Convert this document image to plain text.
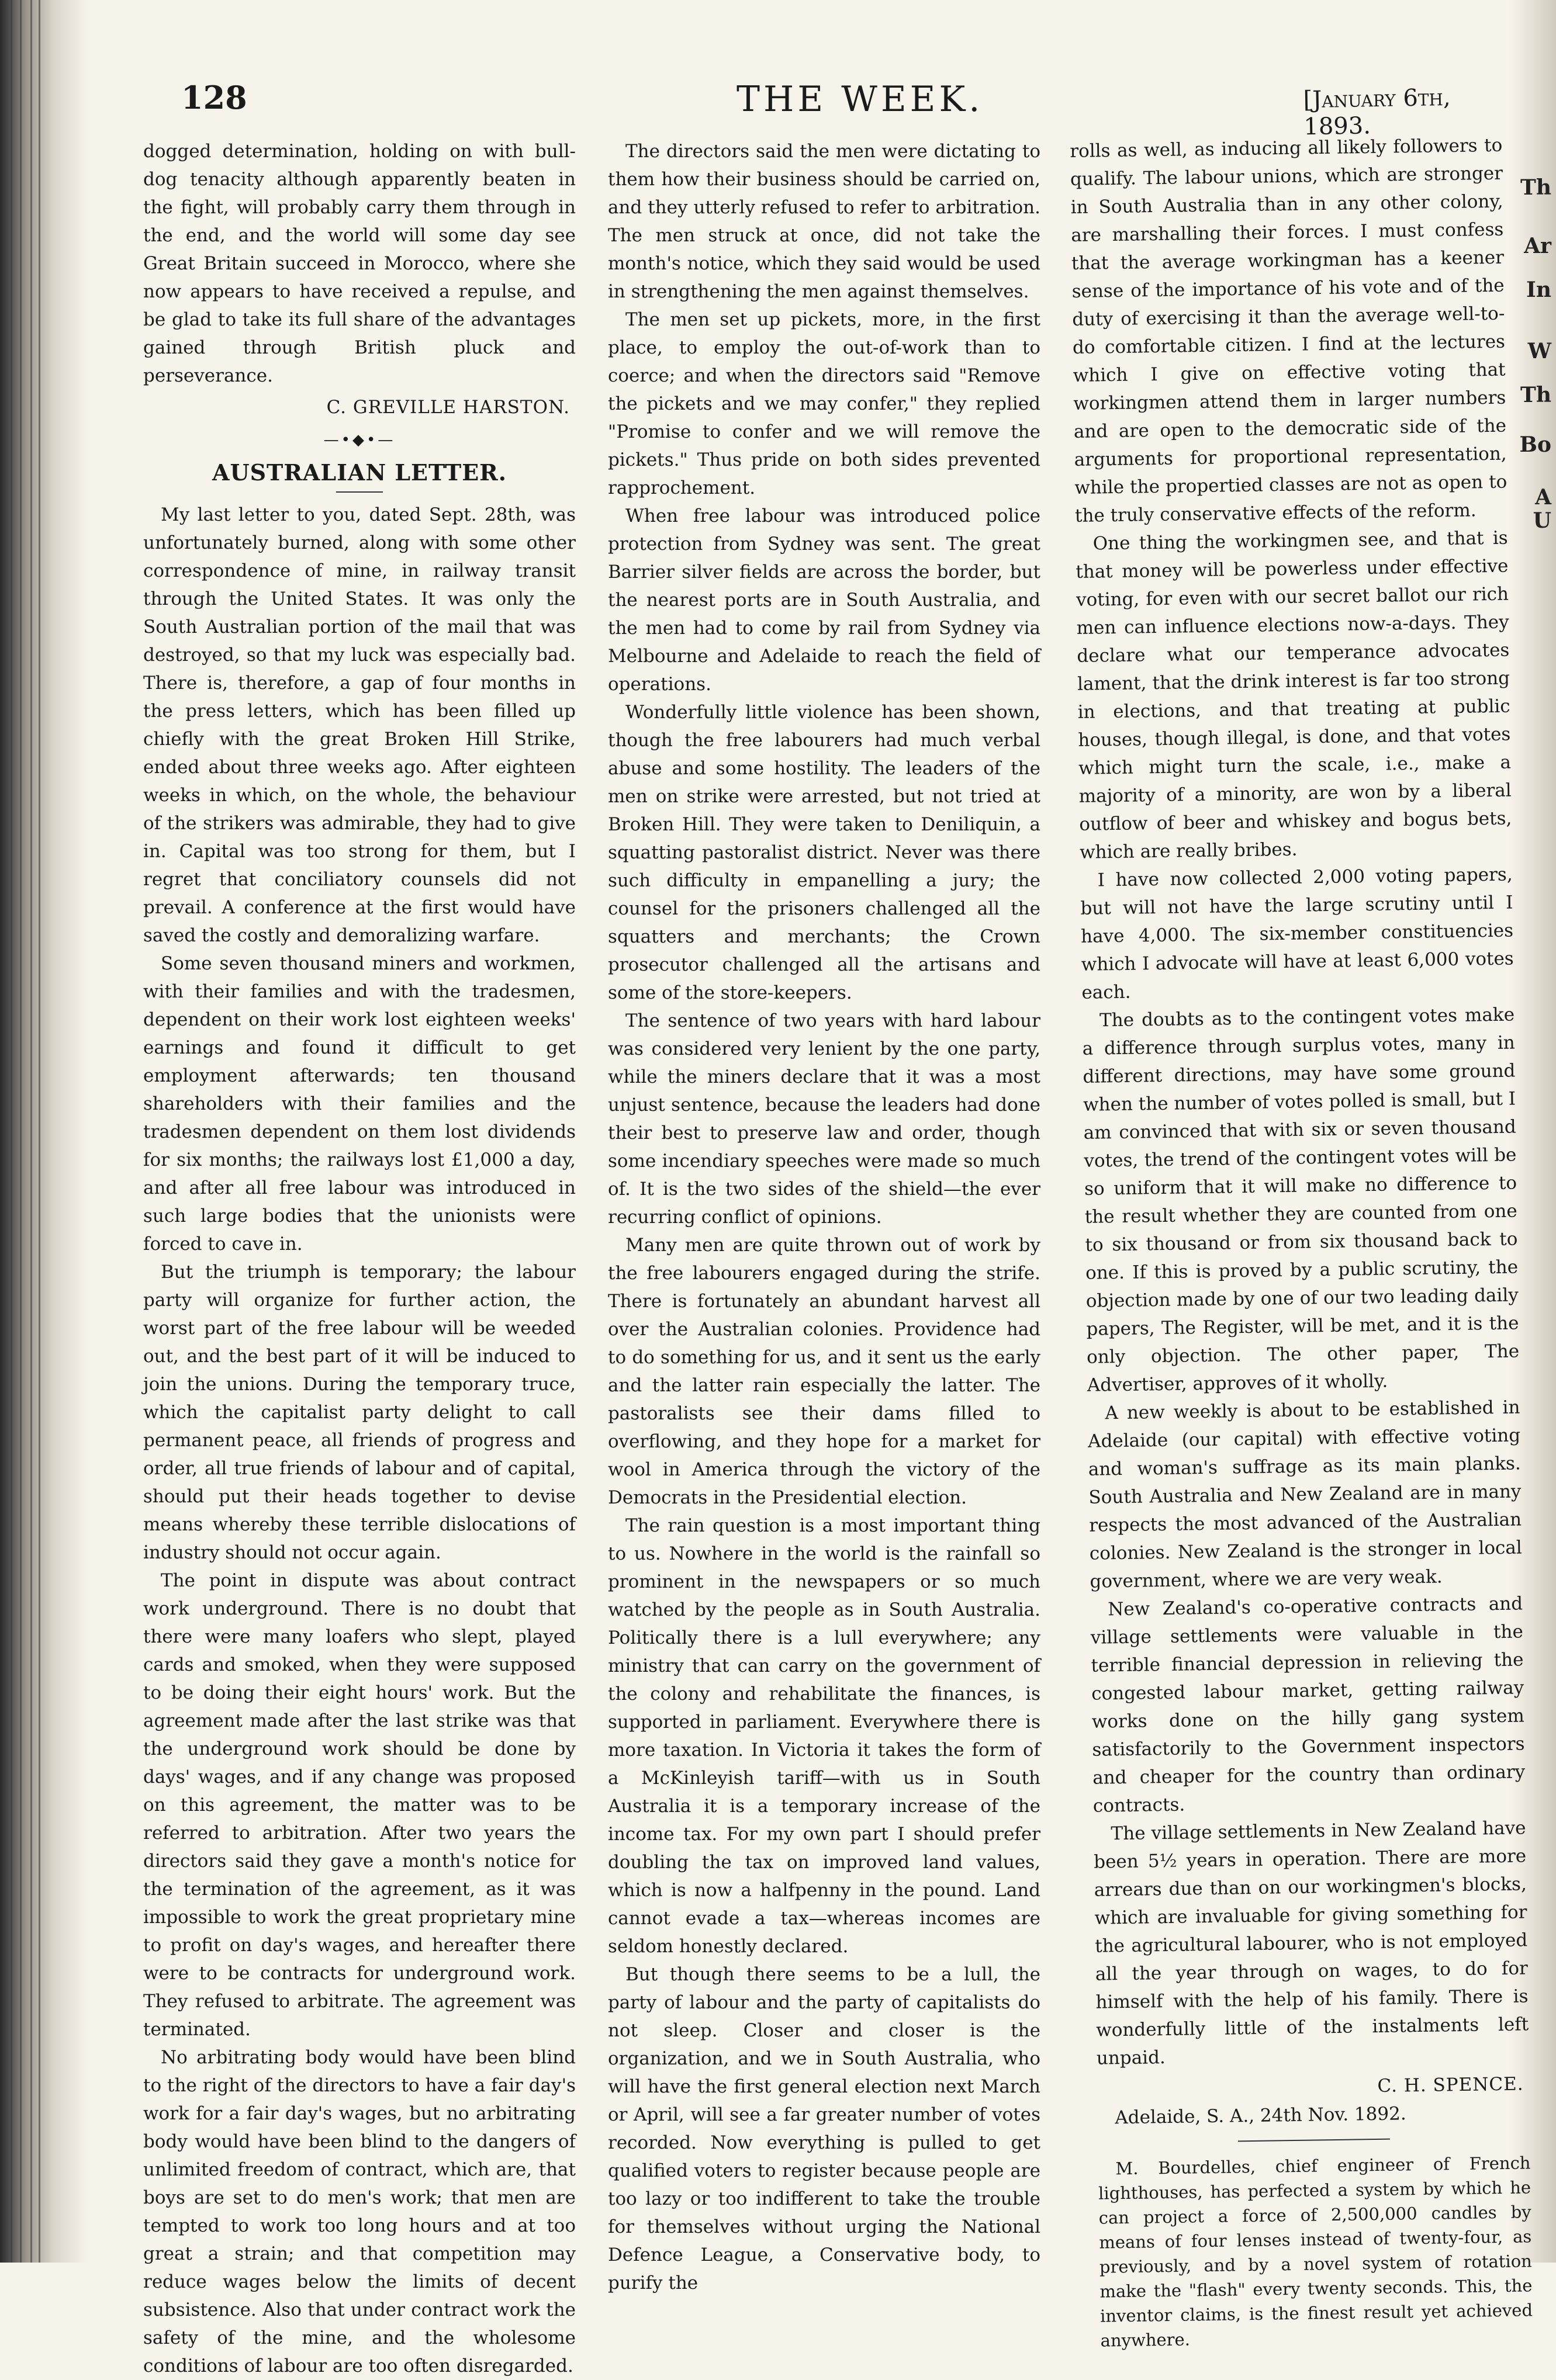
Th
Ar
In
W
Th
Bo
A
U
128	THE WEEK.	[January 6th, 1893.

dogged determination, holding on with bull-dog tenacity although apparently beaten in the fight, will probably carry them through in the end, and the world will some day see Great Britain succeed in Morocco, where she now appears to have received a repulse, and be glad to take its full share of the advantages gained through British pluck and perseverance.

C. GREVILLE HARSTON.
—•◆•—
AUSTRALIAN LETTER.

My last letter to you, dated Sept. 28th, was unfortunately burned, along with some other correspondence of mine, in railway transit through the United States. It was only the South Australian portion of the mail that was destroyed, so that my luck was especially bad. There is, therefore, a gap of four months in the press letters, which has been filled up chiefly with the great Broken Hill Strike, ended about three weeks ago. After eighteen weeks in which, on the whole, the behaviour of the strikers was admirable, they had to give in. Capital was too strong for them, but I regret that conciliatory counsels did not prevail. A conference at the first would have saved the costly and demoralizing warfare.

Some seven thousand miners and workmen, with their families and with the tradesmen, dependent on their work lost eighteen weeks' earnings and found it difficult to get employment afterwards; ten thousand shareholders with their families and the tradesmen dependent on them lost dividends for six months; the railways lost £1,000 a day, and after all free labour was introduced in such large bodies that the unionists were forced to cave in.

But the triumph is temporary; the labour party will organize for further action, the worst part of the free labour will be weeded out, and the best part of it will be induced to join the unions. During the temporary truce, which the capitalist party delight to call permanent peace, all friends of progress and order, all true friends of labour and of capital, should put their heads together to devise means whereby these terrible dislocations of industry should not occur again.

The point in dispute was about contract work underground. There is no doubt that there were many loafers who slept, played cards and smoked, when they were supposed to be doing their eight hours' work. But the agreement made after the last strike was that the underground work should be done by days' wages, and if any change was proposed on this agreement, the matter was to be referred to arbitration. After two years the directors said they gave a month's notice for the termination of the agreement, as it was impossible to work the great proprietary mine to profit on day's wages, and hereafter there were to be contracts for underground work. They refused to arbitrate. The agreement was terminated.

No arbitrating body would have been blind to the right of the directors to have a fair day's work for a fair day's wages, but no arbitrating body would have been blind to the dangers of unlimited freedom of contract, which are, that boys are set to do men's work; that men are tempted to work too long hours and at too great a strain; and that competition may reduce wages below the limits of decent subsistence. Also that under contract work the safety of the mine, and the wholesome conditions of labour are too often disregarded.

The directors said the men were dictating to them how their business should be carried on, and they utterly refused to refer to arbitration. The men struck at once, did not take the month's notice, which they said would be used in strengthening the men against themselves.

The men set up pickets, more, in the first place, to employ the out-of-work than to coerce; and when the directors said "Remove the pickets and we may confer," they replied "Promise to confer and we will remove the pickets." Thus pride on both sides prevented rapprochement.

When free labour was introduced police protection from Sydney was sent. The great Barrier silver fields are across the border, but the nearest ports are in South Australia, and the men had to come by rail from Sydney via Melbourne and Adelaide to reach the field of operations.

Wonderfully little violence has been shown, though the free labourers had much verbal abuse and some hostility. The leaders of the men on strike were arrested, but not tried at Broken Hill. They were taken to Deniliquin, a squatting pastoralist district. Never was there such difficulty in empanelling a jury; the counsel for the prisoners challenged all the squatters and merchants; the Crown prosecutor challenged all the artisans and some of the store-keepers.

The sentence of two years with hard labour was considered very lenient by the one party, while the miners declare that it was a most unjust sentence, because the leaders had done their best to preserve law and order, though some incendiary speeches were made so much of. It is the two sides of the shield—the ever recurring conflict of opinions.

Many men are quite thrown out of work by the free labourers engaged during the strife. There is fortunately an abundant harvest all over the Australian colonies. Providence had to do something for us, and it sent us the early and the latter rain especially the latter. The pastoralists see their dams filled to overflowing, and they hope for a market for wool in America through the victory of the Democrats in the Presidential election.

The rain question is a most important thing to us. Nowhere in the world is the rainfall so prominent in the newspapers or so much watched by the people as in South Australia. Politically there is a lull everywhere; any ministry that can carry on the government of the colony and rehabilitate the finances, is supported in parliament. Everywhere there is more taxation. In Victoria it takes the form of a McKinleyish tariff—with us in South Australia it is a temporary increase of the income tax. For my own part I should prefer doubling the tax on improved land values, which is now a halfpenny in the pound. Land cannot evade a tax—whereas incomes are seldom honestly declared.

But though there seems to be a lull, the party of labour and the party of capitalists do not sleep. Closer and closer is the organization, and we in South Australia, who will have the first general election next March or April, will see a far greater number of votes recorded. Now everything is pulled to get qualified voters to register because people are too lazy or too indifferent to take the trouble for themselves without urging the National Defence League, a Conservative body, to purify the

rolls as well, as inducing all likely followers to qualify. The labour unions, which are stronger in South Australia than in any other colony, are marshalling their forces. I must confess that the average workingman has a keener sense of the importance of his vote and of the duty of exercising it than the average well-to-do comfortable citizen. I find at the lectures which I give on effective voting that workingmen attend them in larger numbers and are open to the democratic side of the arguments for proportional representation, while the propertied classes are not as open to the truly conservative effects of the reform.

One thing the workingmen see, and that is that money will be powerless under effective voting, for even with our secret ballot our rich men can influence elections now-a-days. They declare what our temperance advocates lament, that the drink interest is far too strong in elections, and that treating at public houses, though illegal, is done, and that votes which might turn the scale, i.e., make a majority of a minority, are won by a liberal outflow of beer and whiskey and bogus bets, which are really bribes.

I have now collected 2,000 voting papers, but will not have the large scrutiny until I have 4,000. The six-member constituencies which I advocate will have at least 6,000 votes each.

The doubts as to the contingent votes make a difference through surplus votes, many in different directions, may have some ground when the number of votes polled is small, but I am convinced that with six or seven thousand votes, the trend of the contingent votes will be so uniform that it will make no difference to the result whether they are counted from one to six thousand or from six thousand back to one. If this is proved by a public scrutiny, the objection made by one of our two leading daily papers, The Register, will be met, and it is the only objection. The other paper, The Advertiser, approves of it wholly.

A new weekly is about to be established in Adelaide (our capital) with effective voting and woman's suffrage as its main planks. South Australia and New Zealand are in many respects the most advanced of the Australian colonies. New Zealand is the stronger in local government, where we are very weak.

New Zealand's co-operative contracts and village settlements were valuable in the terrible financial depression in relieving the congested labour market, getting railway works done on the hilly gang system satisfactorily to the Government inspectors and cheaper for the country than ordinary contracts.

The village settlements in New Zealand have been 5½ years in operation. There are more arrears due than on our workingmen's blocks, which are invaluable for giving something for the agricultural labourer, who is not employed all the year through on wages, to do for himself with the help of his family. There is wonderfully little of the instalments left unpaid.

C. H. SPENCE.

Adelaide, S. A., 24th Nov. 1892.

M. Bourdelles, chief engineer of French lighthouses, has perfected a system by which he can project a force of 2,500,000 candles by means of four lenses instead of twenty-four, as previously, and by a novel system of rotation make the "flash" every twenty seconds. This, the inventor claims, is the finest result yet achieved anywhere.
